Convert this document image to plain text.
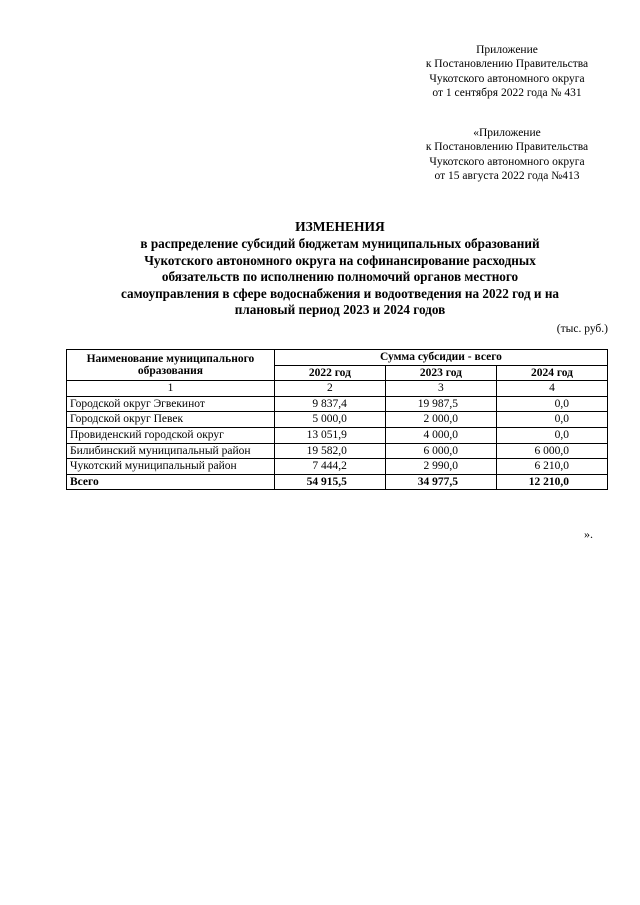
Приложение
к Постановлению Правительства
Чукотского автономного округа
от 1 сентября 2022 года № 431
«Приложение
к Постановлению Правительства
Чукотского автономного округа
от 15 августа 2022 года №413
ИЗМЕНЕНИЯ
в распределение субсидий бюджетам муниципальных образований
Чукотского автономного округа на софинансирование расходных
обязательств по исполнению полномочий органов местного
самоуправления в сфере водоснабжения и водоотведения на 2022 год и на
плановый период 2023 и 2024 годов
(тыс. руб.)
Наименование муниципального образования	Сумма субсидии - всего		
	2022 год	2023 год	2024 год
1	2	3	4
Городской округ Эгвекинот	9 837,4	19 987,5	0,0
Городской округ Певек	5 000,0	2 000,0	0,0
Провиденский городской округ	13 051,9	4 000,0	0,0
Билибинский муниципальный район	19 582,0	6 000,0	6 000,0
Чукотский муниципальный район	7 444,2	2 990,0	6 210,0
Всего	54 915,5	34 977,5	12 210,0
».
